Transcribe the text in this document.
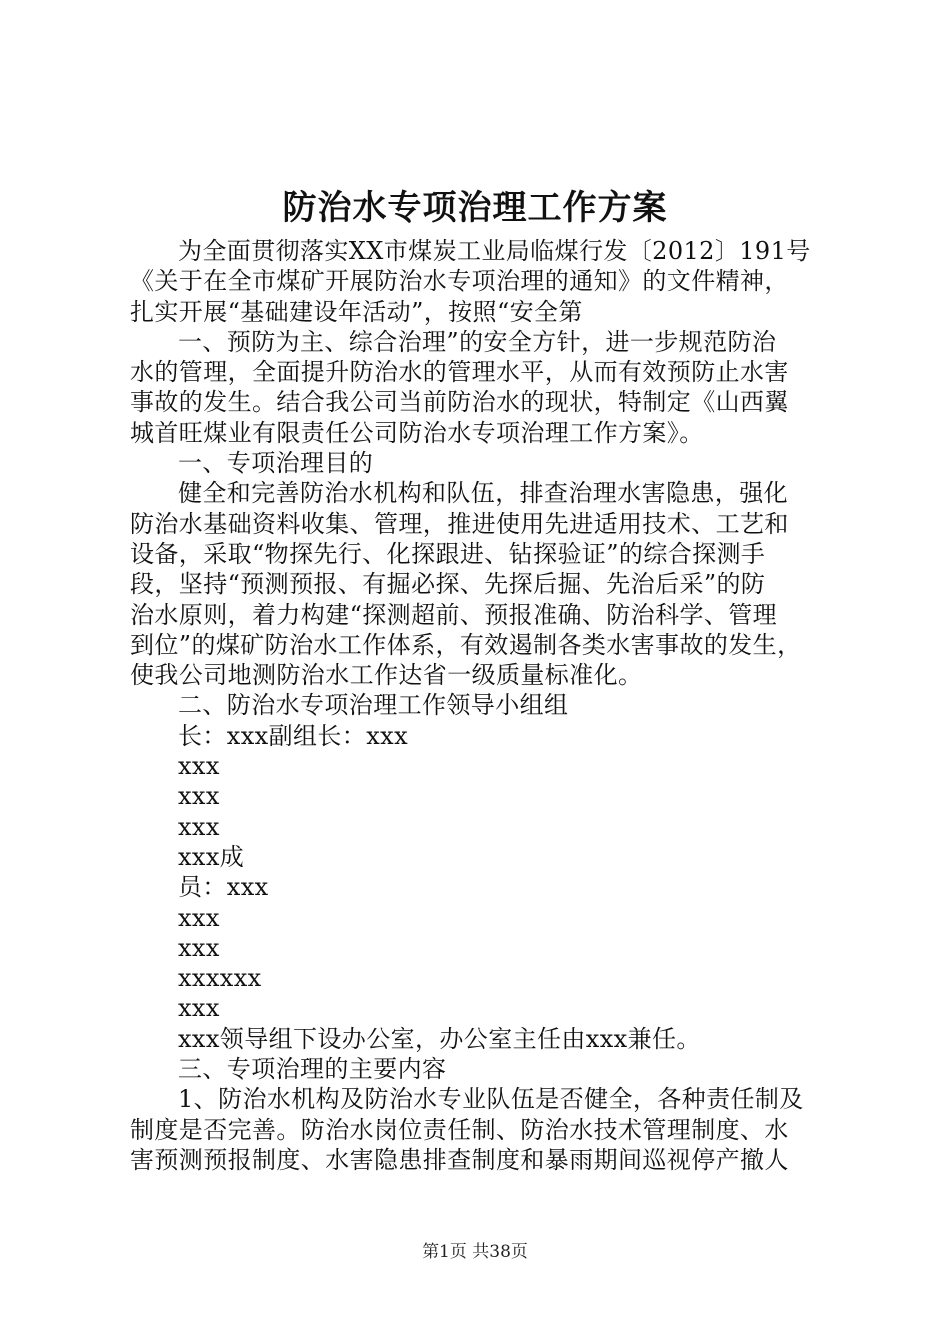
防治水专项治理工作方案

为全面贯彻落实XX市煤炭工业局临煤行发〔2012〕191号

《关于在全市煤矿开展防治水专项治理的通知》的文件精神，

扎实开展“基础建设年活动”，按照“安全第

一、预防为主、综合治理”的安全方针，进一步规范防治

水的管理，全面提升防治水的管理水平，从而有效预防止水害

事故的发生。结合我公司当前防治水的现状，特制定《山西翼

城首旺煤业有限责任公司防治水专项治理工作方案》。

一、专项治理目的

健全和完善防治水机构和队伍，排查治理水害隐患，强化

防治水基础资料收集、管理，推进使用先进适用技术、工艺和

设备，采取“物探先行、化探跟进、钻探验证”的综合探测手

段，坚持“预测预报、有掘必探、先探后掘、先治后采”的防

治水原则，着力构建“探测超前、预报准确、防治科学、管理

到位”的煤矿防治水工作体系，有效遏制各类水害事故的发生，

使我公司地测防治水工作达省一级质量标准化。

二、防治水专项治理工作领导小组组

长：xxx副组长：xxx

xxx

xxx

xxx

xxx成

员：xxx

xxx

xxx

xxxxxx

xxx

xxx领导组下设办公室，办公室主任由xxx兼任。

三、专项治理的主要内容

1、防治水机构及防治水专业队伍是否健全，各种责任制及

制度是否完善。防治水岗位责任制、防治水技术管理制度、水

害预测预报制度、水害隐患排查制度和暴雨期间巡视停产撤人

第1页 共38页
